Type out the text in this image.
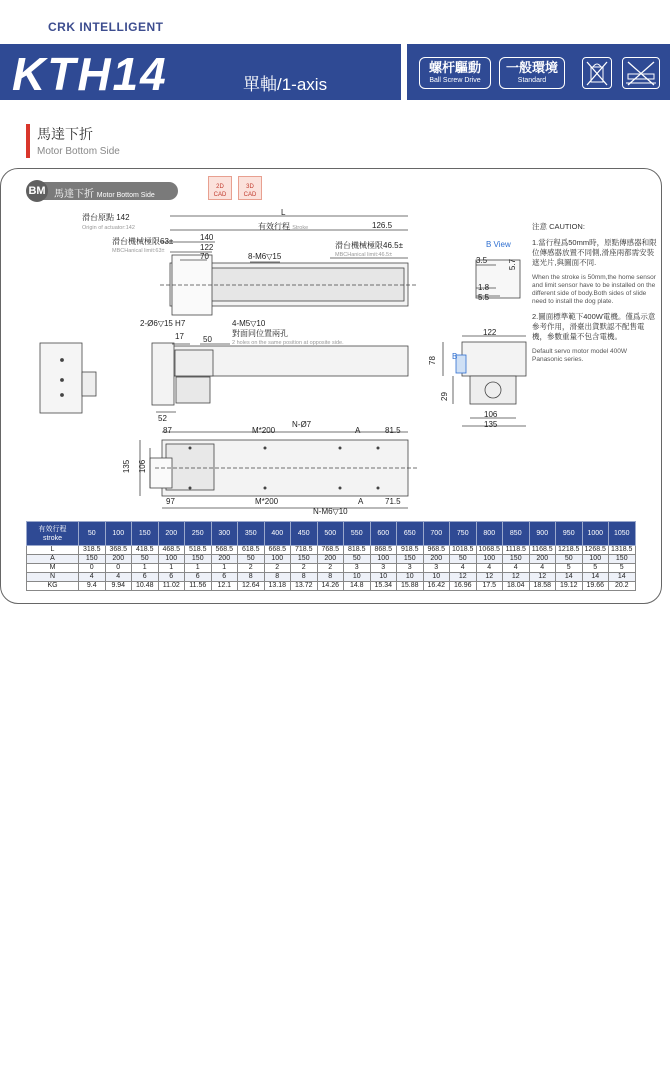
CRK INTELLIGENT
KTH14	單軸/1-axis
螺杆驅動
Ball Screw Drive
一般環境
Standard
馬達下折
Motor Bottom Side
BM 馬達下折 Motor Bottom Side
2D
CAD
3D
CAD
L
滑台原點 142
Origin of actuator:142	有效行程 Stroke	126.5
滑台機械極限63±
MBCHanical limit:63±
140
122
70	8-M6▽15
滑台機械極限46.5±
MBCHanical limit:46.5±
2-Ø6▽15 H7	4-M5▽10
對面同位置兩孔
2 holes on the same position at opposite side.
17 50
52
87	M*200
N-Ø7
A	81.5
135 106
97	M*200	A	71.5
N-M6▽10
B View
3.5	5.7
1.8
5.5
122
78
29
B
106
135

注意 CAUTION:

1.當行程爲50mm時，原點傳感器和限位傳感器放置不同側,滑座兩都需安裝遮光片,與圖面不同.

When the stroke is 50mm,the home sensor and limit sensor have to be installed on the different side of body.Both sides of slide need to install the dog plate.

2.圖面標準範下400W電機。僅爲示意參考作用，滑臺出貨默認不配售電機，參數重量不包含電機。

Default servo motor model 400W Panasonic series.

有效行程
stroke	50	100	150	200	250	300	350	400	450	500	550	600	650	700	750	800	850	900	950	1000	1050
L	318.5	368.5	418.5	468.5	518.5	568.5	618.5	668.5	718.5	768.5	818.5	868.5	918.5	968.5	1018.5	1068.5	1118.5	1168.5	1218.5	1268.5	1318.5
A	150	200	50	100	150	200	50	100	150	200	50	100	150	200	50	100	150	200	50	100	150
M	0	0	1	1	1	1	2	2	2	2	3	3	3	3	4	4	4	4	5	5	5
N	4	4	6	6	6	6	8	8	8	8	10	10	10	10	12	12	12	12	14	14	14
KG	9.4	9.94	10.48	11.02	11.56	12.1	12.64	13.18	13.72	14.26	14.8	15.34	15.88	16.42	16.96	17.5	18.04	18.58	19.12	19.66	20.2
